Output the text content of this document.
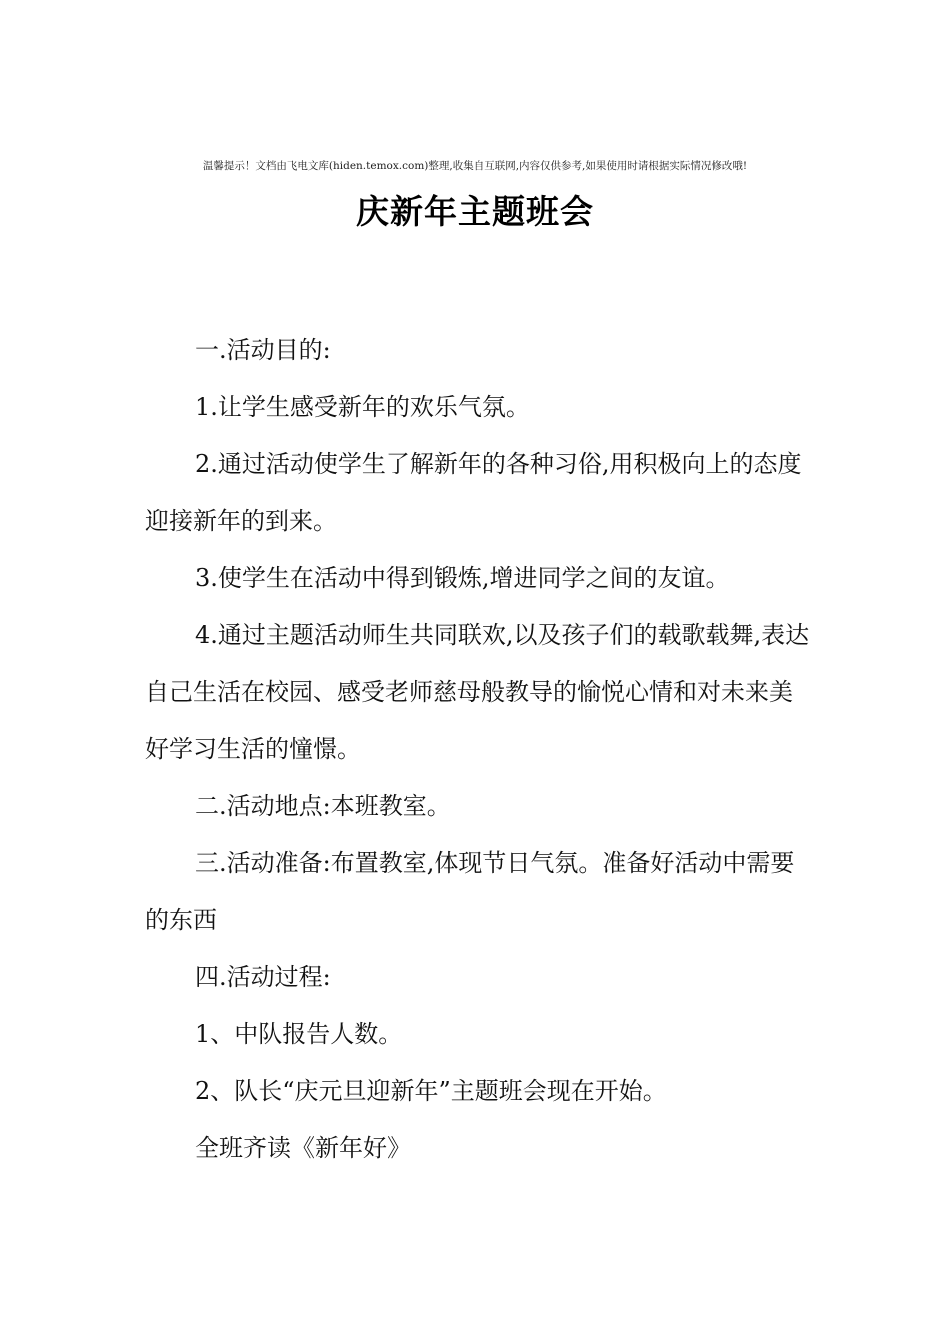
温馨提示！文档由飞电文库(hiden.temox.com)整理,收集自互联网,内容仅供参考,如果使用时请根据实际情况修改哦!
庆新年主题班会

一.活动目的:

1.让学生感受新年的欢乐气氛。

2.通过活动使学生了解新年的各种习俗,用积极向上的态度迎接新年的到来。

3.使学生在活动中得到锻炼,增进同学之间的友谊。

4.通过主题活动师生共同联欢,以及孩子们的载歌载舞,表达自己生活在校园、感受老师慈母般教导的愉悦心情和对未来美好学习生活的憧憬。

二.活动地点:本班教室。

三.活动准备:布置教室,体现节日气氛。准备好活动中需要的东西

四.活动过程:

1、中队报告人数。

2、队长“庆元旦迎新年”主题班会现在开始。

全班齐读《新年好》
